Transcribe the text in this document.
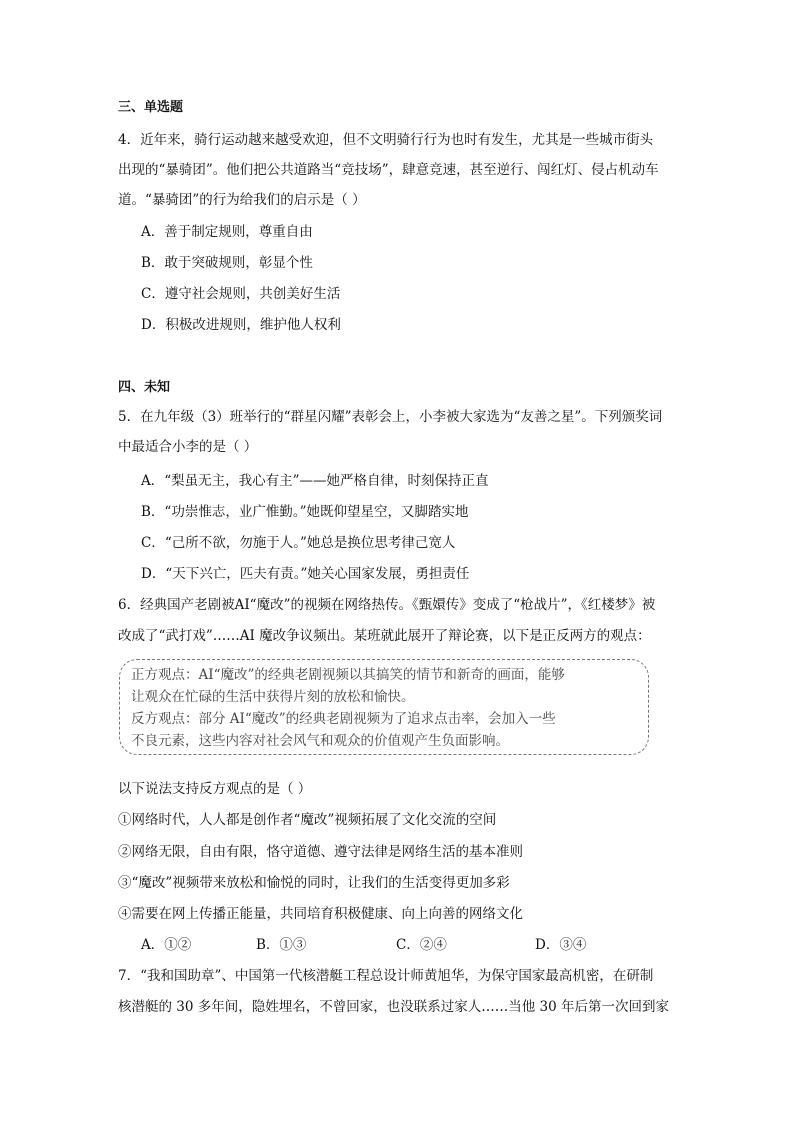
三、单选题
4．近年来，骑行运动越来越受欢迎，但不文明骑行行为也时有发生，尤其是一些城市街头
出现的“暴骑团”。他们把公共道路当“竞技场”，肆意竞速，甚至逆行、闯红灯、侵占机动车
道。“暴骑团”的行为给我们的启示是（ ）
A．善于制定规则，尊重自由
B．敢于突破规则，彰显个性
C．遵守社会规则，共创美好生活
D．积极改进规则，维护他人权利
四、未知
5．在九年级（3）班举行的“群星闪耀”表彰会上，小李被大家选为“友善之星”。下列颁奖词
中最适合小李的是（ ）
A．“梨虽无主，我心有主”——她严格自律，时刻保持正直
B．“功崇惟志，业广惟勤。”她既仰望星空，又脚踏实地
C．“己所不欲，勿施于人。”她总是换位思考律己宽人
D．“天下兴亡，匹夫有责。”她关心国家发展，勇担责任
6．经典国产老剧被AI“魔改”的视频在网络热传。《甄嬛传》变成了“枪战片”，《红楼梦》被
改成了“武打戏”……AI 魔改争议频出。某班就此展开了辩论赛，以下是正反两方的观点：
正方观点：AI“魔改”的经典老剧视频以其搞笑的情节和新奇的画面，能够
让观众在忙碌的生活中获得片刻的放松和愉快。
反方观点：部分 AI“魔改”的经典老剧视频为了追求点击率，会加入一些
不良元素，这些内容对社会风气和观众的价值观产生负面影响。
以下说法支持反方观点的是（ ）
①网络时代，人人都是创作者“魔改”视频拓展了文化交流的空间
②网络无限，自由有限，恪守道德、遵守法律是网络生活的基本准则
③“魔改”视频带来放松和愉悦的同时，让我们的生活变得更加多彩
④需要在网上传播正能量，共同培育积极健康、向上向善的网络文化
A．①②	B．①③	C．②④	D．③④
7．“我和国助章”、中国第一代核潜艇工程总设计师黄旭华，为保守国家最高机密，在研制
核潜艇的 30 多年间，隐姓埋名，不曾回家，也没联系过家人……当他 30 年后第一次回到家
